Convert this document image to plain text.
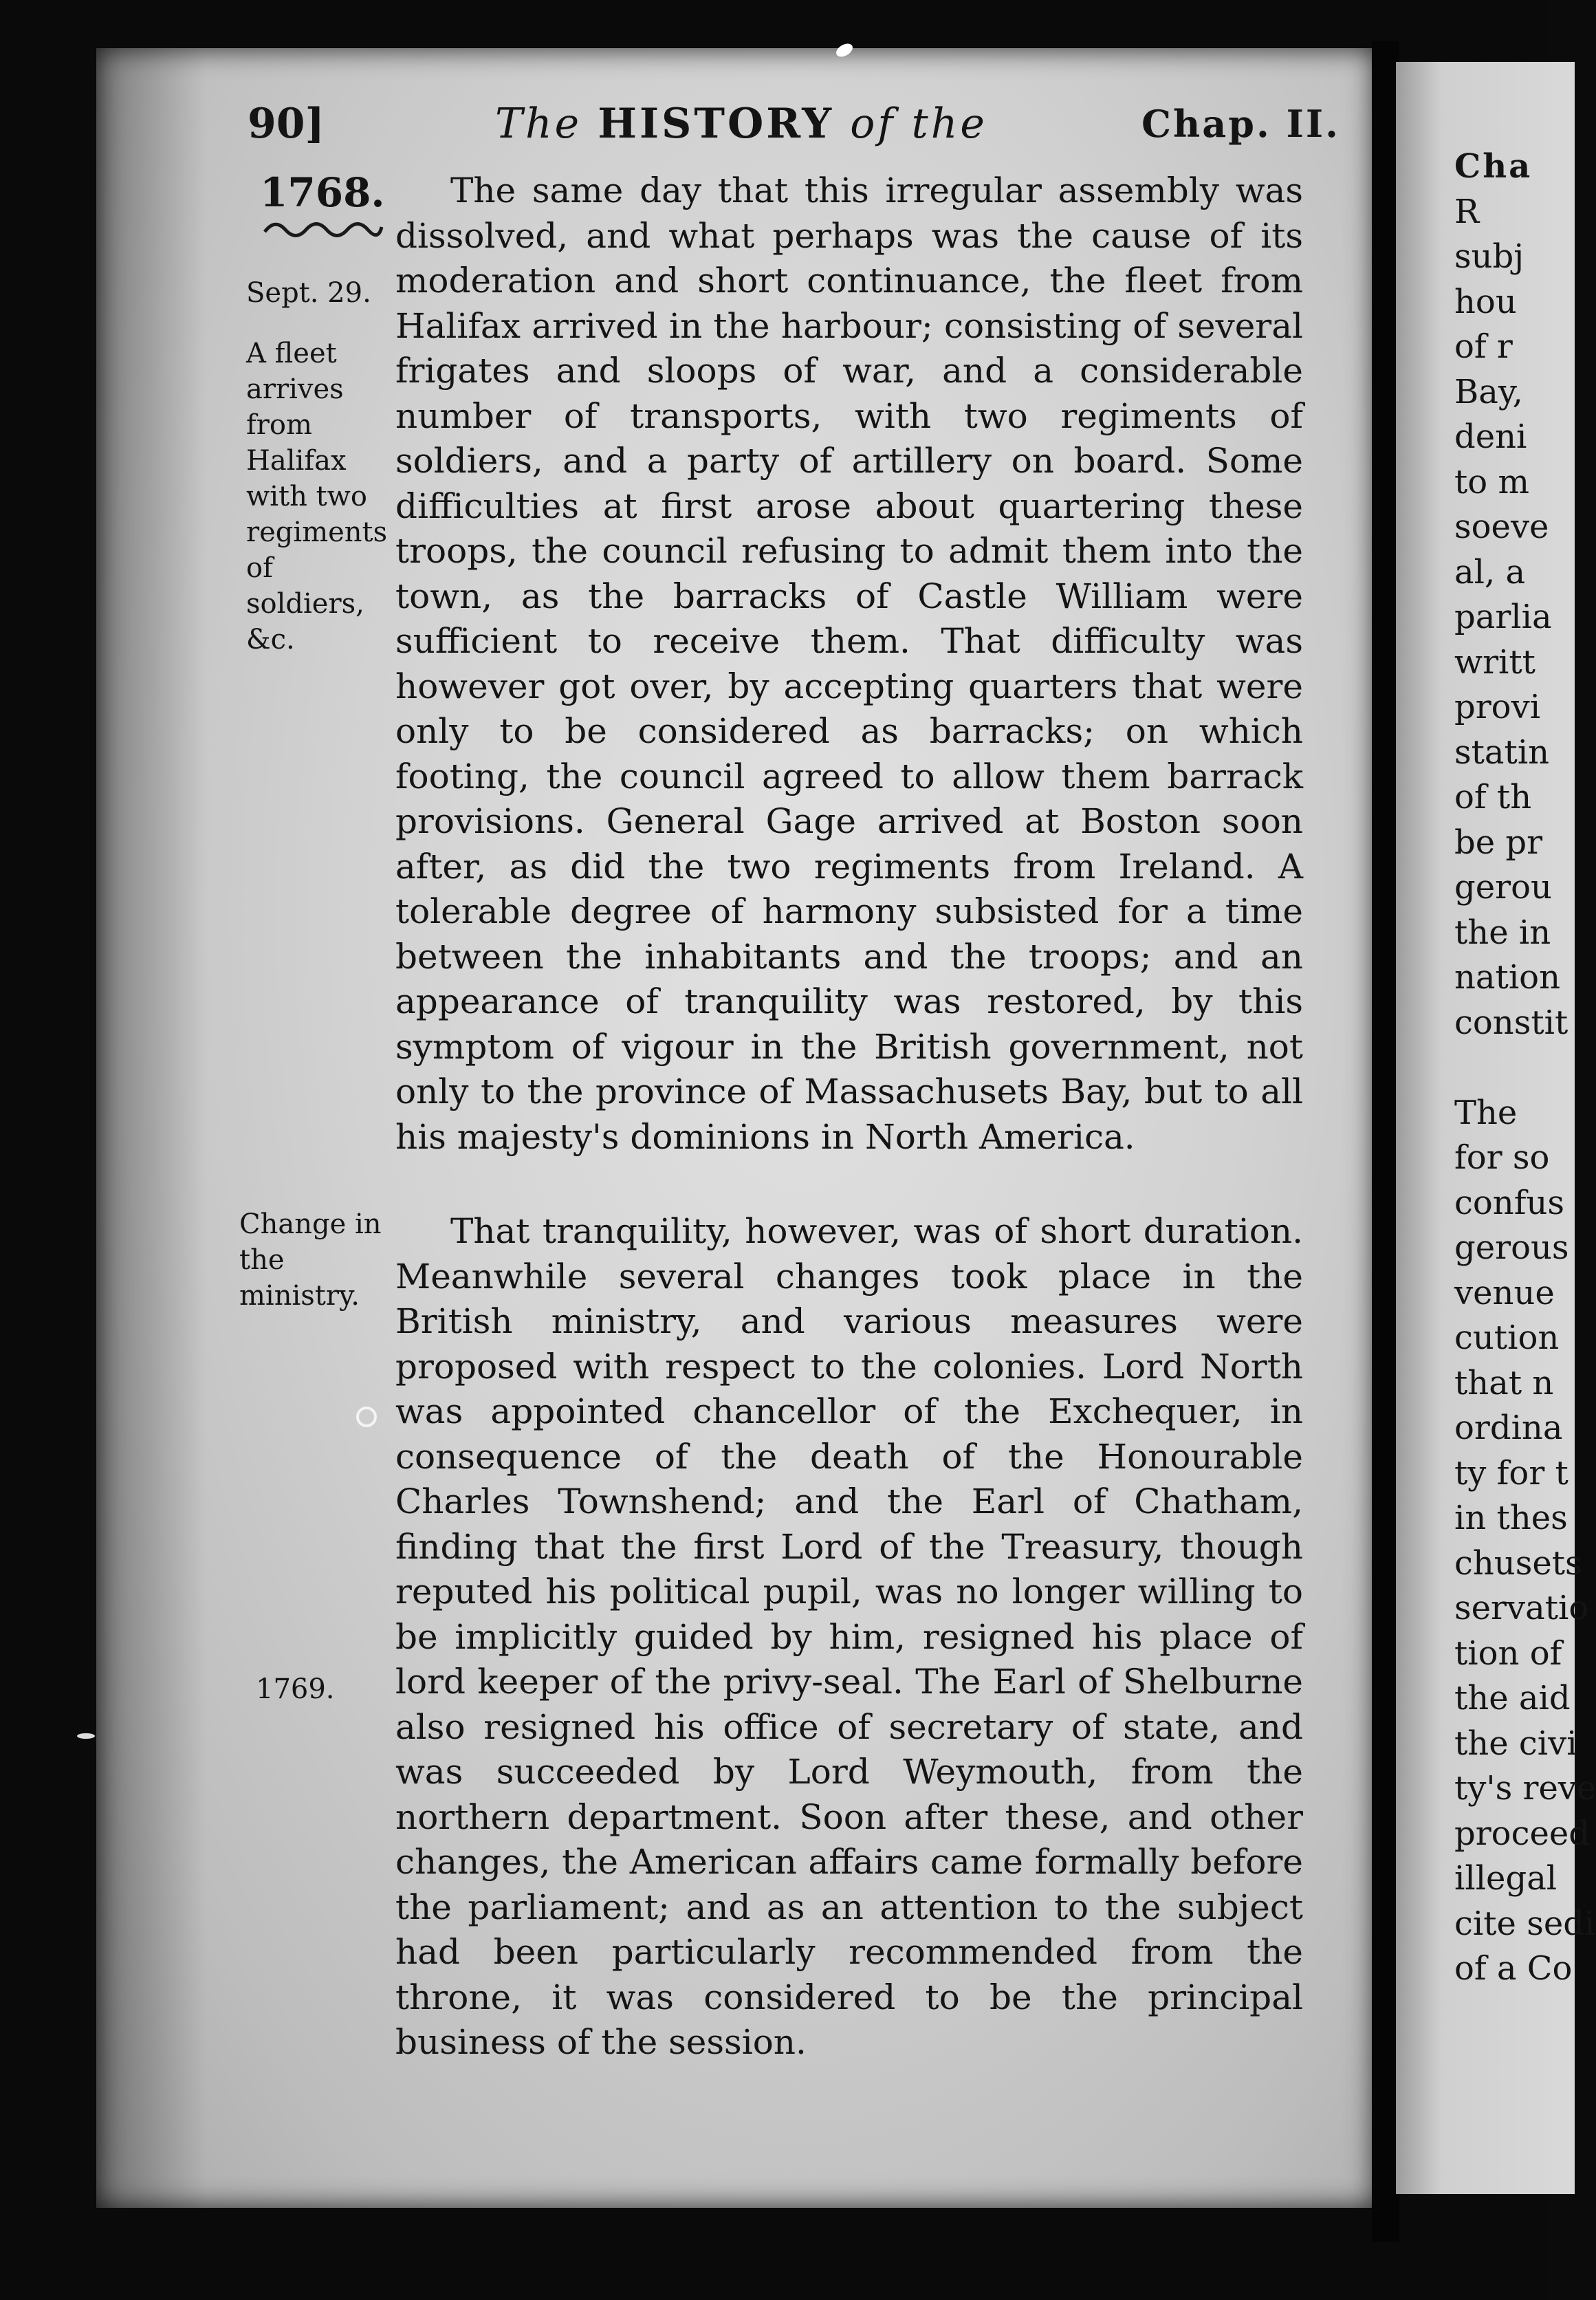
90]	The HISTORY of the	Chap. II.
1768.
Sept. 29.
A fleet arrives from Halifax with two regiments of soldiers, &c.
Change in the ministry.
1769.

The same day that this irregular assembly was dissolved, and what perhaps was the cause of its moderation and short continuance, the fleet from Halifax arrived in the harbour; consisting of several frigates and sloops of war, and a considerable number of transports, with two regiments of soldiers, and a party of artillery on board. Some difficulties at first arose about quartering these troops, the council refusing to admit them into the town, as the barracks of Castle William were sufficient to receive them. That difficulty was however got over, by accepting quarters that were only to be considered as barracks; on which footing, the council agreed to allow them barrack provisions. General Gage arrived at Boston soon after, as did the two regiments from Ireland. A tolerable degree of harmony subsisted for a time between the inhabitants and the troops; and an appearance of tranquility was restored, by this symptom of vigour in the British government, not only to the province of Massachusets Bay, but to all his majesty's dominions in North America.

That tranquility, however, was of short duration. Meanwhile several changes took place in the British ministry, and various measures were proposed with respect to the colonies. Lord North was appointed chancellor of the Exchequer, in consequence of the death of the Honourable Charles Townshend; and the Earl of Chatham, finding that the first Lord of the Treasury, though reputed his political pupil, was no longer willing to be implicitly guided by him, resigned his place of lord keeper of the privy-seal. The Earl of Shelburne also resigned his office of secretary of state, and was succeeded by Lord Weymouth, from the northern department. Soon after these, and other changes, the American affairs came formally before the parliament; and as an attention to the subject had been particularly recommended from the throne, it was considered to be the principal business of the session.

Cha
R
subj
hou
of r
Bay,
deni
to m
soeve
al, a
parlia
writt
provi
statin
of th
be pr
gerou
the in
nation
constit
The
for so
confus
gerous
venue
cution
that n
ordina
ty for t
in thes
chusets
servatio
tion of
the aid
the civi
ty's reve
proceed
illegal
cite sedi
of a Co
